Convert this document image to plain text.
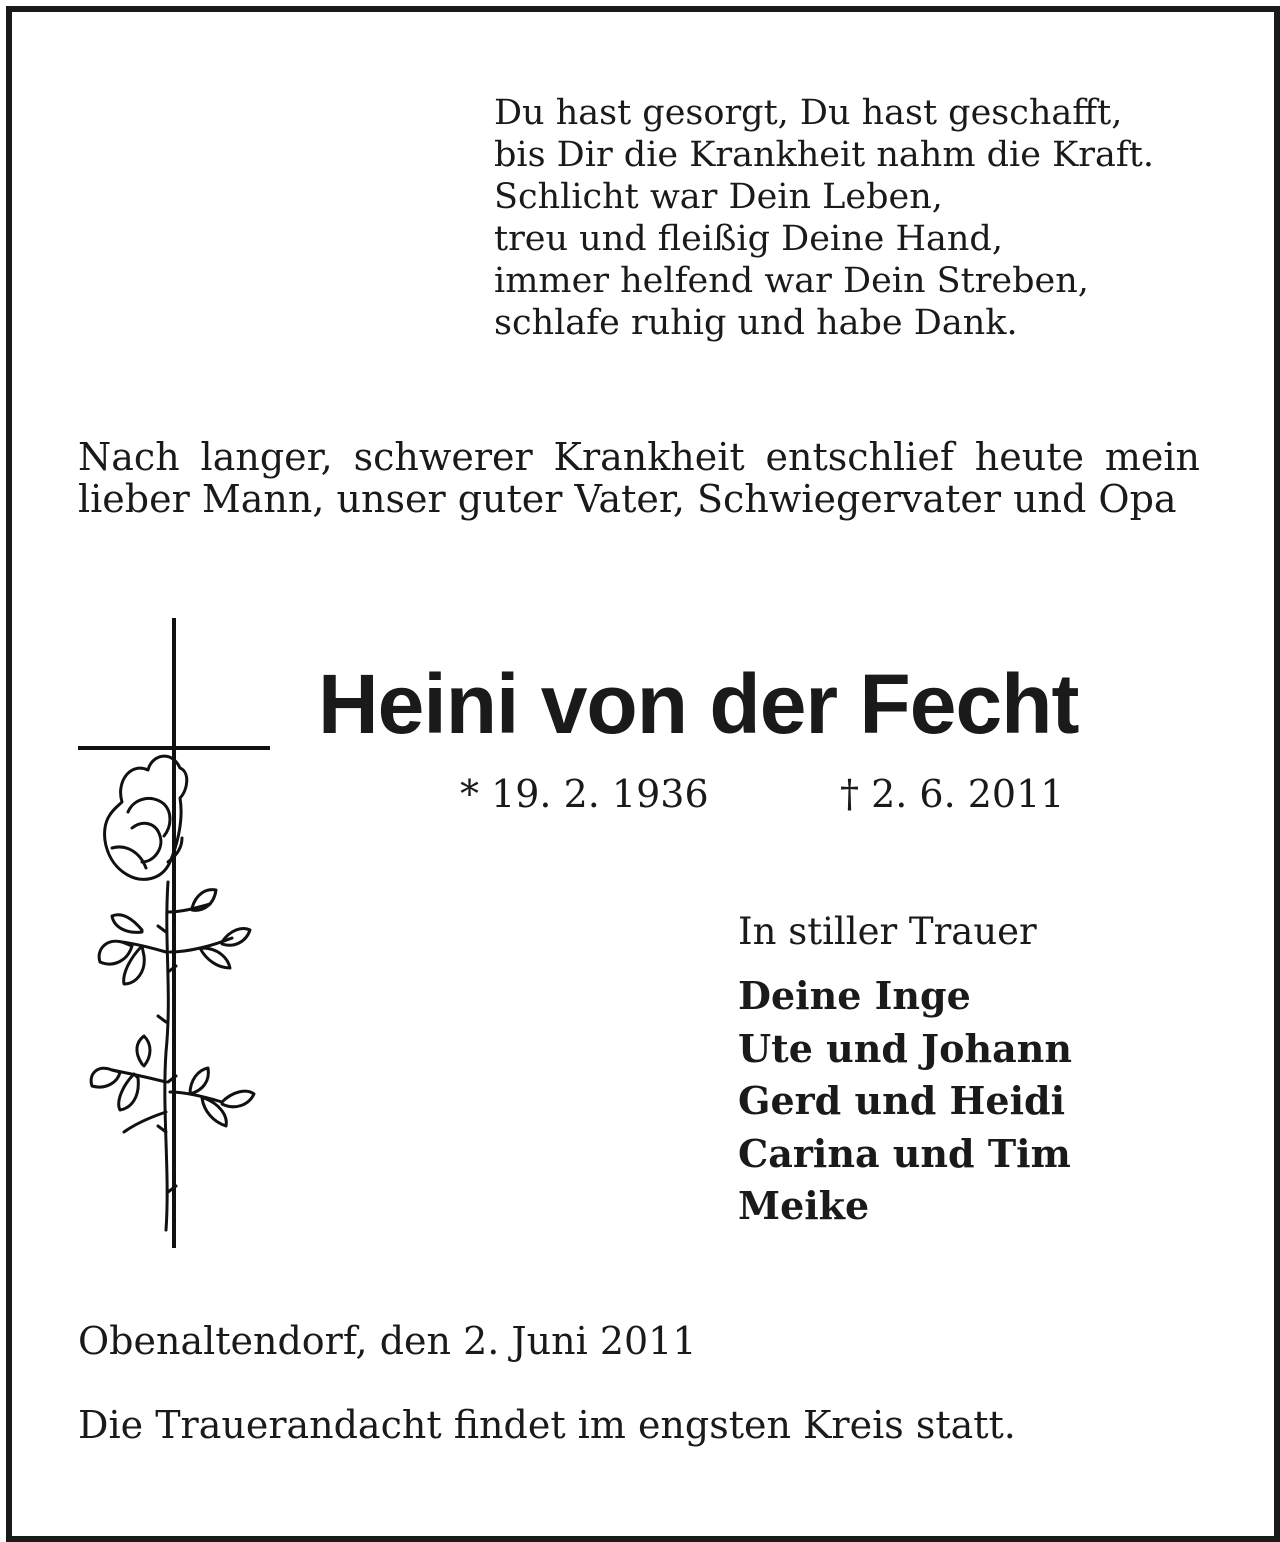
Du hast gesorgt, Du hast geschafft,
bis Dir die Krankheit nahm die Kraft.
Schlicht war Dein Leben,
treu und fleißig Deine Hand,
immer helfend war Dein Streben,
schlafe ruhig und habe Dank.
Nach langer, schwerer Krankheit entschlief heute mein lieber Mann, unser guter Vater, Schwiegervater und Opa
Heini von der Fecht
* 19. 2. 1936	† 2. 6. 2011
In stiller Trauer
Deine Inge
Ute und Johann
Gerd und Heidi
Carina und Tim
Meike
Obenaltendorf, den 2. Juni 2011
Die Trauerandacht findet im engsten Kreis statt.
